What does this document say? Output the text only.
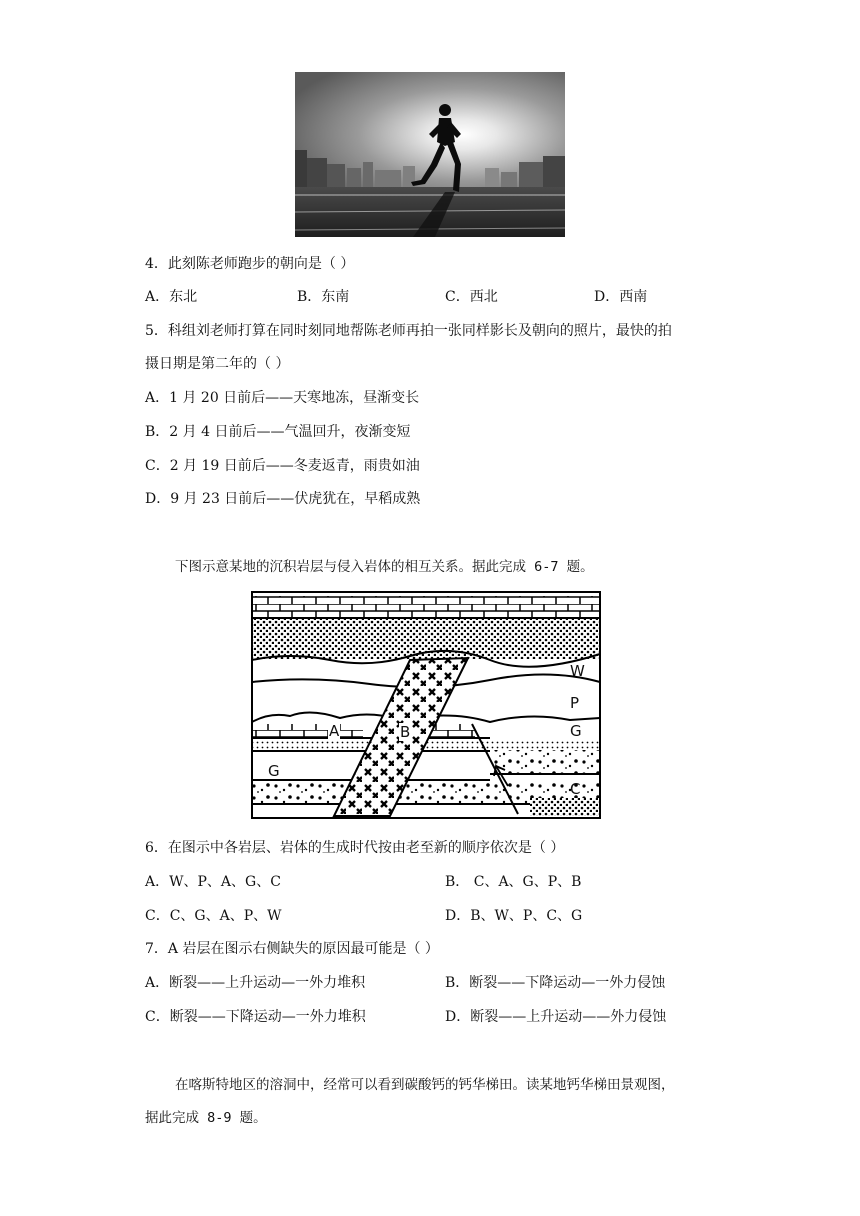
4．此刻陈老师跑步的朝向是（ ）
A．东北	B．东南	C．西北	D．西南
5．科组刘老师打算在同时刻同地帮陈老师再拍一张同样影长及朝向的照片，最快的拍
摄日期是第二年的（ ）
A．1 月 20 日前后——天寒地冻，昼渐变长
B．2 月 4 日前后——气温回升，夜渐变短
C．2 月 19 日前后——冬麦返青，雨贵如油
D．9 月 23 日前后——伏虎犹在，早稻成熟
下图示意某地的沉积岩层与侵入岩体的相互关系。据此完成 6-7 题。
W
P
G
A	B
G
C
6．在图示中各岩层、岩体的生成时代按由老至新的顺序依次是（ ）
A．W、P、A、G、C	B． C、A、G、P、B
C．C、G、A、P、W	D．B、W、P、C、G
7．A 岩层在图示右侧缺失的原因最可能是（ ）
A．断裂——上升运动—一外力堆积	B．断裂——下降运动—一外力侵蚀
C．断裂——下降运动—一外力堆积	D．断裂——上升运动——外力侵蚀
在喀斯特地区的溶洞中，经常可以看到碳酸钙的钙华梯田。读某地钙华梯田景观图，
据此完成 8-9 题。
